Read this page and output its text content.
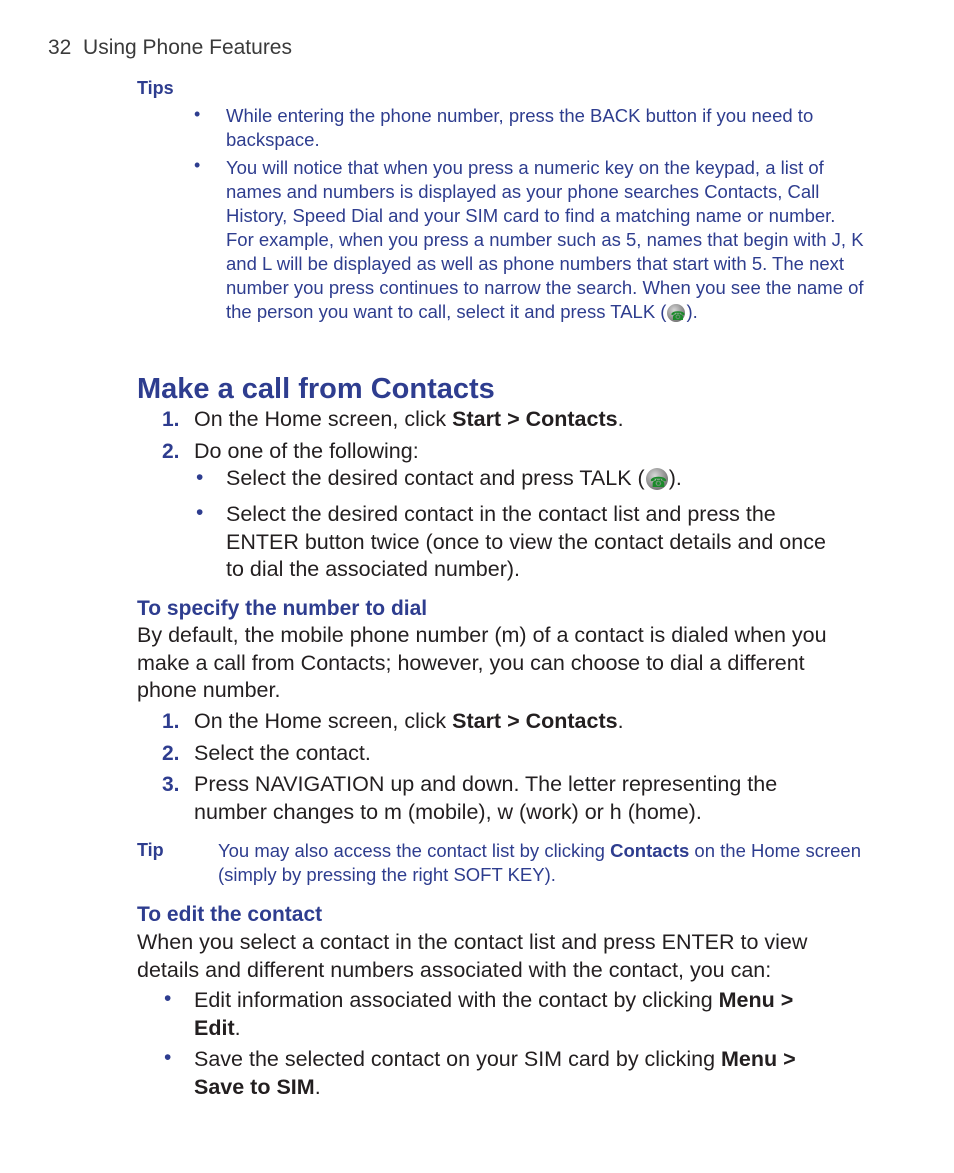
32 Using Phone Features
Tips
• While entering the phone number, press the BACK button if you need to backspace.
• You will notice that when you press a numeric key on the keypad, a list of names and numbers is displayed as your phone searches Contacts, Call History, Speed Dial and your SIM card to find a matching name or number. For example, when you press a number such as 5, names that begin with J, K and L will be displayed as well as phone numbers that start with 5. The next number you press continues to narrow the search. When you see the name of the person you want to call, select it and press TALK ( ☎ ).
Make a call from Contacts
1. On the Home screen, click Start > Contacts.
2. Do one of the following:
• Select the desired contact and press TALK ( ☎ ).
• Select the desired contact in the contact list and press the ENTER button twice (once to view the contact details and once to dial the associated number).
To specify the number to dial
By default, the mobile phone number (m) of a contact is dialed when you make a call from Contacts; however, you can choose to dial a different phone number.
1. On the Home screen, click Start > Contacts.
2. Select the contact.
3. Press NAVIGATION up and down. The letter representing the number changes to m (mobile), w (work) or h (home).
Tip	You may also access the contact list by clicking Contacts on the Home screen (simply by pressing the right SOFT KEY).
To edit the contact
When you select a contact in the contact list and press ENTER to view details and different numbers associated with the contact, you can:
• Edit information associated with the contact by clicking Menu > Edit.
• Save the selected contact on your SIM card by clicking Menu > Save to SIM.
